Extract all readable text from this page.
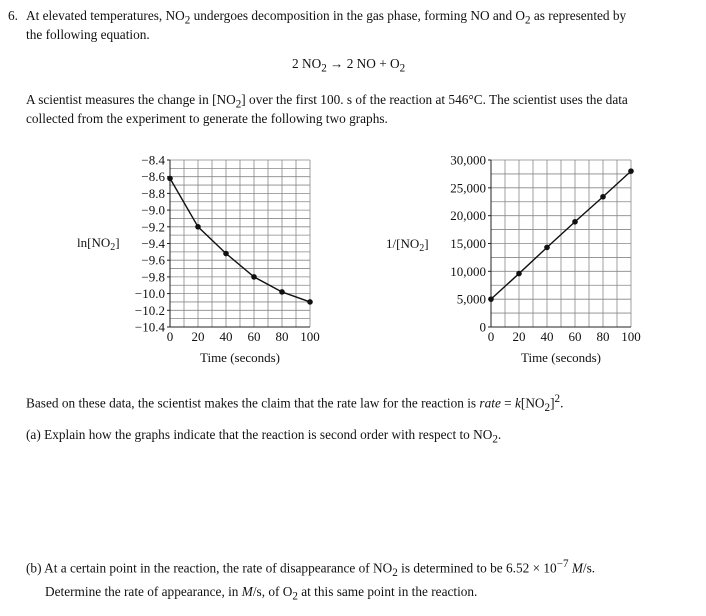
6. At elevated temperatures, $NO_2$ undergoes decomposition in the gas phase, forming NO and $O_2$ as represented by
the following equation.
2 $NO_2 \to 2$ NO + $O_2$
A scientist measures the change in $[NO_2]$ over the first 100. s of the reaction at 546°C. The scientist uses the data
collected from the experiment to generate the following two graphs.
−8.4
−8.6
−8.8
−9.0
−9.2
−9.4
−9.6
−9.8
−10.0
−10.2
−10.4
0 20 40 60 80 100
Time (seconds)
$\ln[NO_2]$
0
5,000
10,000
15,000
20,000
25,000
30,000
0 20 40 60 80 100
Time (seconds)
$1/[NO_2]$
Based on these data, the scientist makes the claim that the rate law for the reaction is rate = $k[NO_2]^2$.
(a) Explain how the graphs indicate that the reaction is second order with respect to $NO_2$.
(b) At a certain point in the reaction, the rate of disappearance of $NO_2$ is determined to be $6.52 \times 10^{-7}$ M/s.
Determine the rate of appearance, in M/s, of $O_2$ at this same point in the reaction.
